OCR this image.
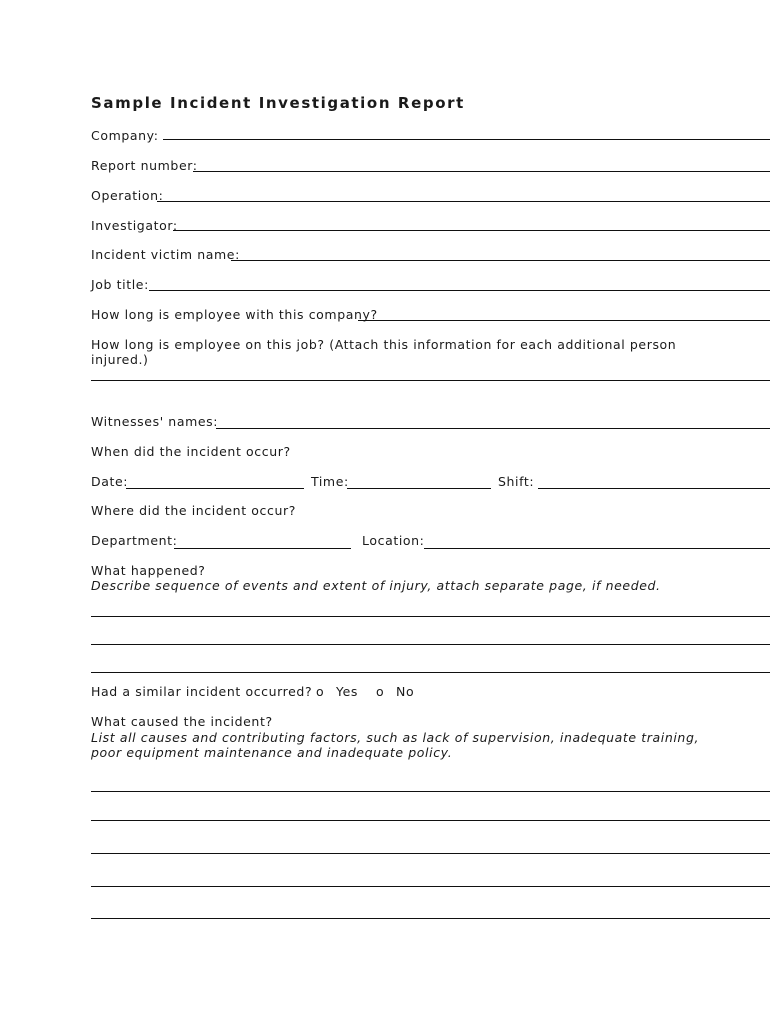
Sample Incident Investigation Report
Company:
Report number:
Operation:
Investigator:
Incident victim name:
Job title:
How long is employee with this company?
How long is employee on this job? (Attach this information for each additional person
injured.)
Witnesses' names:
When did the incident occur?
Date:	Time:	Shift:
Where did the incident occur?
Department:	Location:
What happened?
Describe sequence of events and extent of injury, attach separate page, if needed.
Had a similar incident occurred? o Yes o No
What caused the incident?
List all causes and contributing factors, such as lack of supervision, inadequate training,
poor equipment maintenance and inadequate policy.
